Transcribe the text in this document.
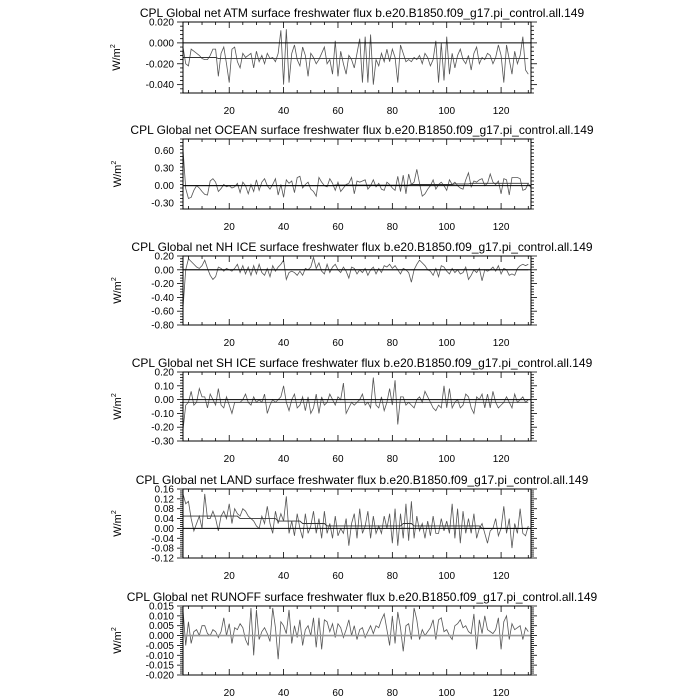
CPL Global net ATM surface freshwater flux b.e20.B1850.f09_g17.pi_control.all.149
20	40	60	80	100	120
0.020
0.000
-0.020
-0.040
$W/m^2$
CPL Global net OCEAN surface freshwater flux b.e20.B1850.f09_g17.pi_control.all.149
20	40	60	80	100	120
0.60
0.30
0.00
-0.30
$W/m^2$
CPL Global net NH ICE surface freshwater flux b.e20.B1850.f09_g17.pi_control.all.149
20	40	60	80	100	120
0.20
0.00
-0.20
-0.40
-0.60
-0.80
$W/m^2$
CPL Global net SH ICE surface freshwater flux b.e20.B1850.f09_g17.pi_control.all.149
20	40	60	80	100	120
0.20
0.10
0.00
-0.10
-0.20
-0.30
$W/m^2$
CPL Global net LAND surface freshwater flux b.e20.B1850.f09_g17.pi_control.all.149
20	40	60	80	100	120
0.16
0.12
0.08
0.04
0.00
-0.04
-0.08
-0.12
$W/m^2$
CPL Global net RUNOFF surface freshwater flux b.e20.B1850.f09_g17.pi_control.all.149
20	40	60	80	100	120
0.015
0.010
0.005
0.000
-0.005
-0.010
-0.015
-0.020
$W/m^2$
